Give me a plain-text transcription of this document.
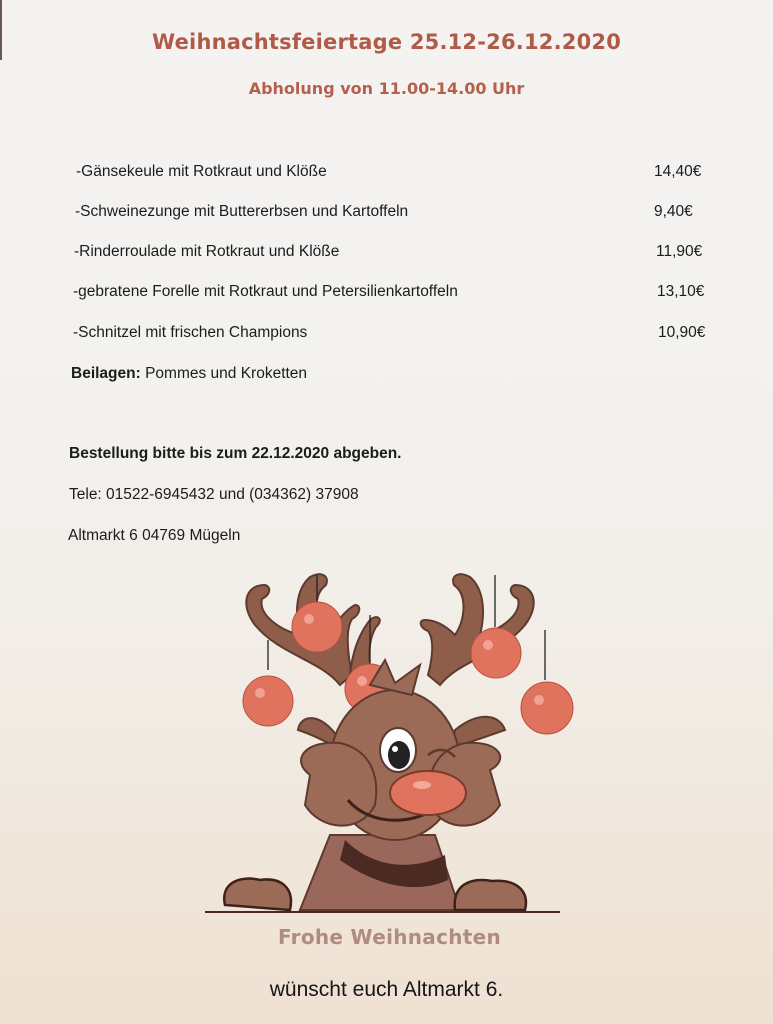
Weihnachtsfeiertage 25.12-26.12.2020
Abholung von 11.00-14.00 Uhr
-Gänsekeule mit Rotkraut und Klöße	14,40€
-Schweinezunge mit Buttererbsen und Kartoffeln	9,40€
-Rinderroulade mit Rotkraut und Klöße	11,90€
-gebratene Forelle mit Rotkraut und Petersilienkartoffeln	13,10€
-Schnitzel mit frischen Champions	10,90€
Beilagen: Pommes und Kroketten
Bestellung bitte bis zum 22.12.2020 abgeben.
Tele: 01522-6945432 und (034362) 37908
Altmarkt 6 04769 Mügeln
Frohe Weihnachten
wünscht euch Altmarkt 6.
